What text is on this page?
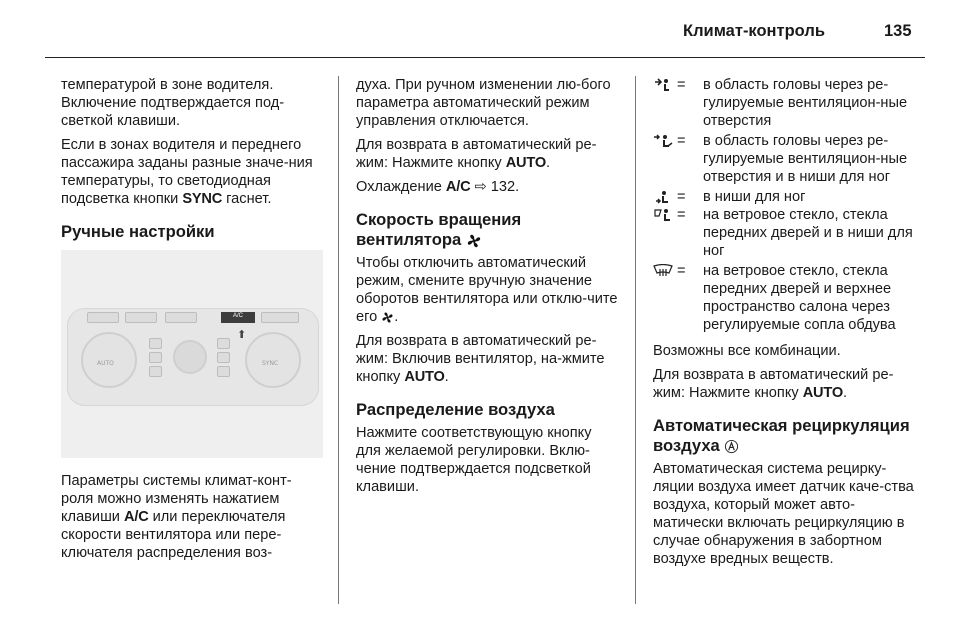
Климат-контроль	135

температурой в зоне водителя. Включение подтверждается под-светкой клавиши.

Если в зонах водителя и переднего пассажира заданы разные значе-ния температуры, то светодиодная подсветка кнопки SYNC гаснет.

Ручные настройки
A/C
⬆
AUTO	SYNC

Параметры системы климат-конт-роля можно изменять нажатием клавиши A/C или переключателя скорости вентилятора или пере-ключателя распределения воз-

духа. При ручном изменении лю-бого параметра автоматический режим управления отключается.

Для возврата в автоматический ре-жим: Нажмите кнопку AUTO.

Охлаждение A/C ⇨ 132.

Скорость вращения вентилятора

Чтобы отключить автоматический режим, смените вручную значение оборотов вентилятора или отклю-чите его .

Для возврата в автоматический ре-жим: Включив вентилятор, на-жмите кнопку AUTO.

Распределение воздуха

Нажмите соответствующую кнопку для желаемой регулировки. Вклю-чение подтверждается подсветкой клавиши.

=	в область головы через ре-гулируемые вентиляцион-ные отверстия
=	в область головы через ре-гулируемые вентиляцион-ные отверстия и в ниши для ног
=	в ниши для ног
=	на ветровое стекло, стекла передних дверей и в ниши для ног
=	на ветровое стекло, стекла передних дверей и верхнее пространство салона через регулируемые сопла обдува

Возможны все комбинации.

Для возврата в автоматический ре-жим: Нажмите кнопку AUTO.

Автоматическая рециркуляция воздуха

Автоматическая система рецирку-ляции воздуха имеет датчик каче-ства воздуха, который может авто-матически включать рециркуляцию в случае обнаружения в забортном воздухе вредных веществ.
